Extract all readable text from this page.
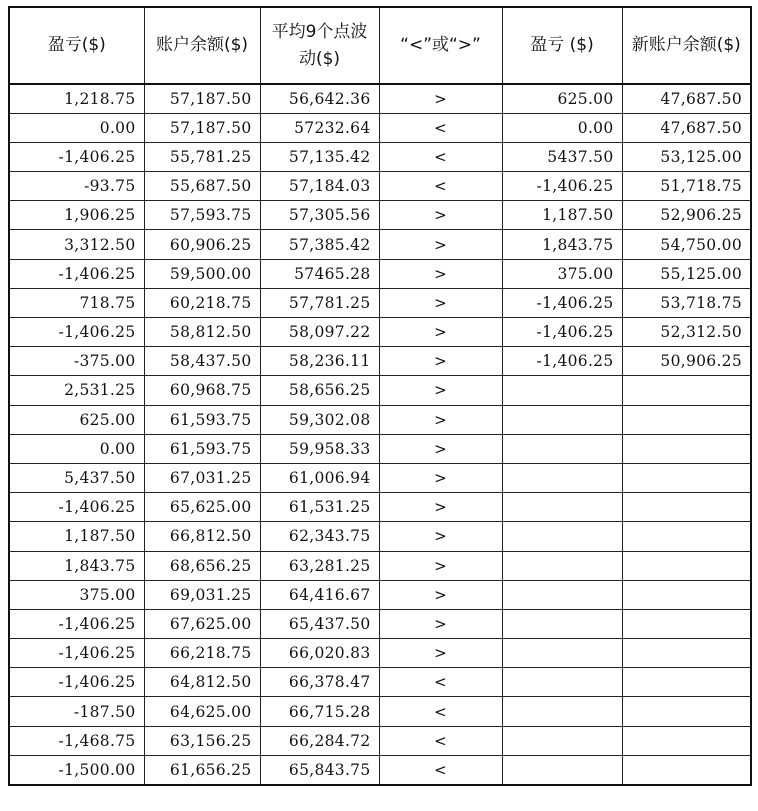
盈亏($)	账户余额($)	平均9个点波动($)	“<”或“>”	盈亏 ($)	新账户余额($)
1,218.75	57,187.50	56,642.36	>	625.00	47,687.50
0.00	57,187.50	57232.64	<	0.00	47,687.50
-1,406.25	55,781.25	57,135.42	<	5437.50	53,125.00
-93.75	55,687.50	57,184.03	<	-1,406.25	51,718.75
1,906.25	57,593.75	57,305.56	>	1,187.50	52,906.25
3,312.50	60,906.25	57,385.42	>	1,843.75	54,750.00
-1,406.25	59,500.00	57465.28	>	375.00	55,125.00
718.75	60,218.75	57,781.25	>	-1,406.25	53,718.75
-1,406.25	58,812.50	58,097.22	>	-1,406.25	52,312.50
-375.00	58,437.50	58,236.11	>	-1,406.25	50,906.25
2,531.25	60,968.75	58,656.25	>		
625.00	61,593.75	59,302.08	>		
0.00	61,593.75	59,958.33	>		
5,437.50	67,031.25	61,006.94	>		
-1,406.25	65,625.00	61,531.25	>		
1,187.50	66,812.50	62,343.75	>		
1,843.75	68,656.25	63,281.25	>		
375.00	69,031.25	64,416.67	>		
-1,406.25	67,625.00	65,437.50	>		
-1,406.25	66,218.75	66,020.83	>		
-1,406.25	64,812.50	66,378.47	<		
-187.50	64,625.00	66,715.28	<		
-1,468.75	63,156.25	66,284.72	<		
-1,500.00	61,656.25	65,843.75	<		
